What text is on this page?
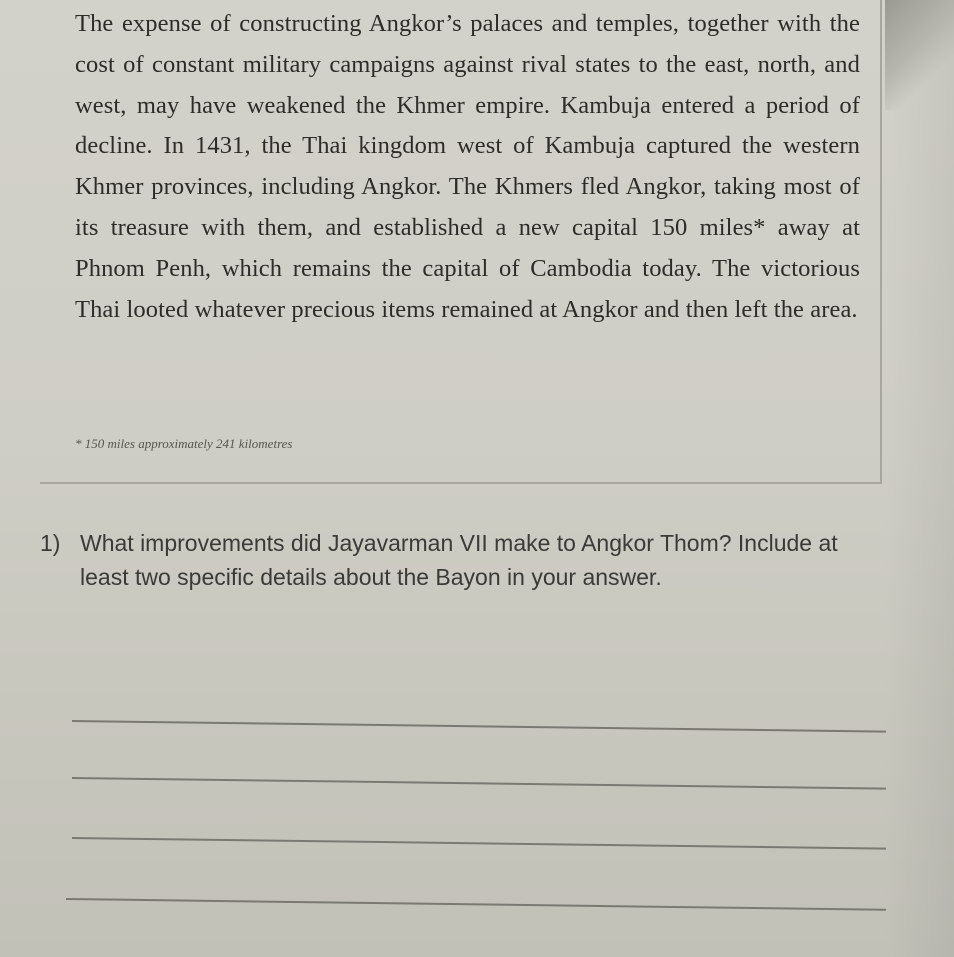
The expense of constructing Angkor’s palaces and temples, together with the cost of constant military campaigns against rival states to the east, north, and west, may have weakened the Khmer empire. Kambuja entered a period of decline. In 1431, the Thai kingdom west of Kambuja captured the western Khmer provinces, including Angkor. The Khmers fled Angkor, taking most of its treasure with them, and established a new capital 150 miles* away at Phnom Penh, which remains the capital of Cambodia today. The victorious Thai looted whatever precious items remained at Angkor and then left the area.

* 150 miles approximately 241 kilometres
1) What improvements did Jayavarman VII make to Angkor Thom? Include at least two specific details about the Bayon in your answer.
